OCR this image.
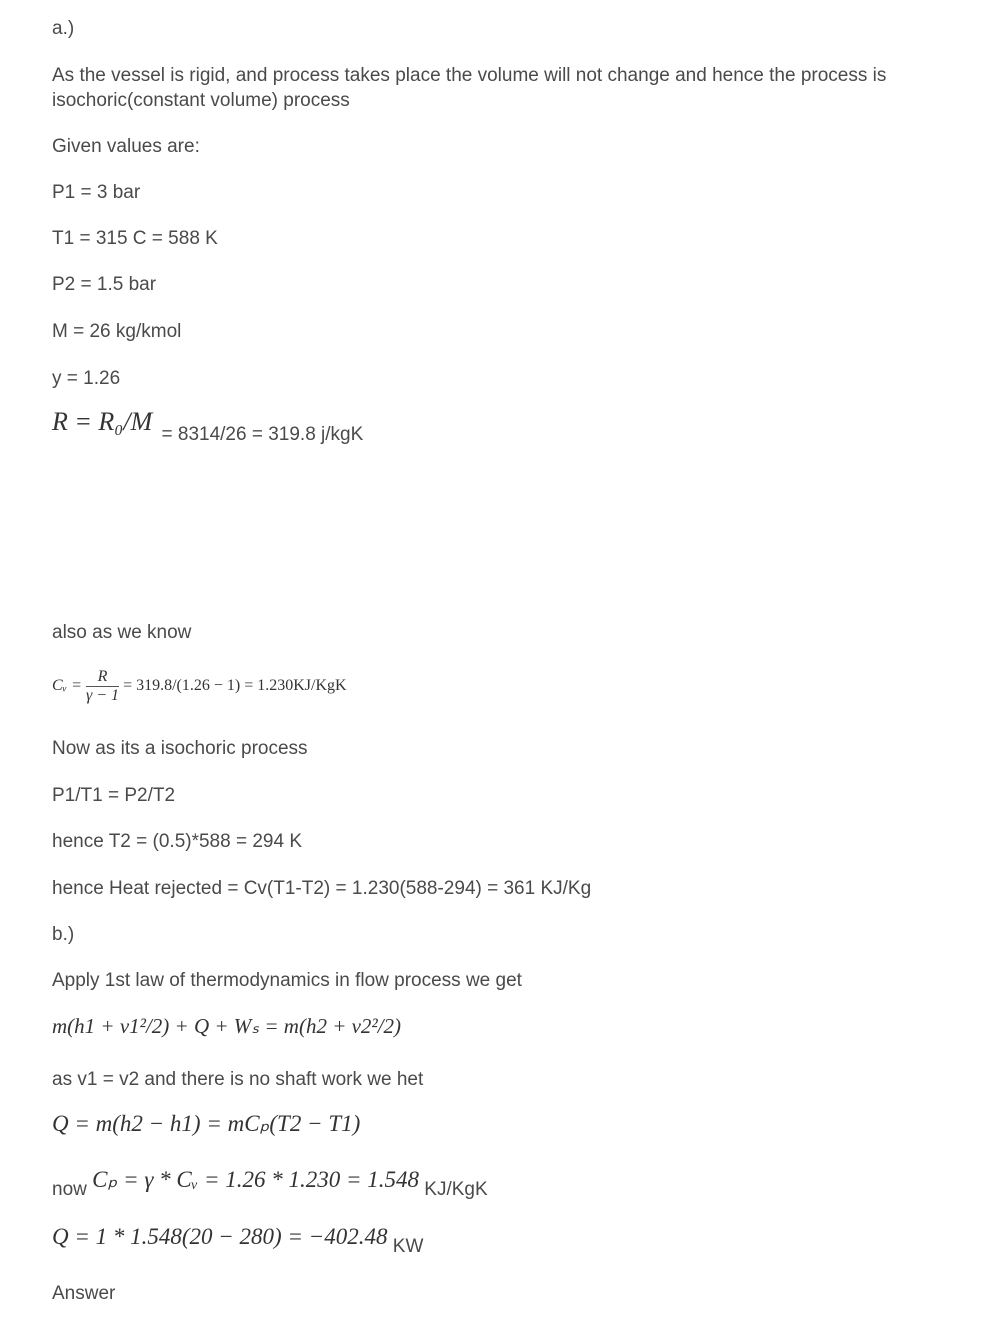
a.)
As the vessel is rigid, and process takes place the volume will not change and hence the process is isochoric(constant volume) process
Given values are:
P1 = 3 bar
T1 = 315 C = 588 K
P2 = 1.5 bar
M = 26 kg/kmol
y = 1.26
R = R₀/M = 8314/26 = 319.8 j/kgK
also as we know
Cᵥ = $\frac{R}{\gamma - 1} = 319.8/(1.26 - 1) = 1.230KJ/KgK$
Now as its a isochoric process
P1/T1 = P2/T2
hence T2 = (0.5)*588 = 294 K
hence Heat rejected = Cv(T1-T2) = 1.230(588-294) = 361 KJ/Kg
b.)
Apply 1st law of thermodynamics in flow process we get
m(h1 + v1²/2) + Q + Wₛ = m(h2 + v2²/2)
as v1 = v2 and there is no shaft work we het
Q = m(h2 − h1) = mCₚ(T2 − T1)
now Cₚ = γ * Cᵥ = 1.26 * 1.230 = 1.548 KJ/KgK
Q = 1 * 1.548(20 − 280) = −402.48 KW
Answer
